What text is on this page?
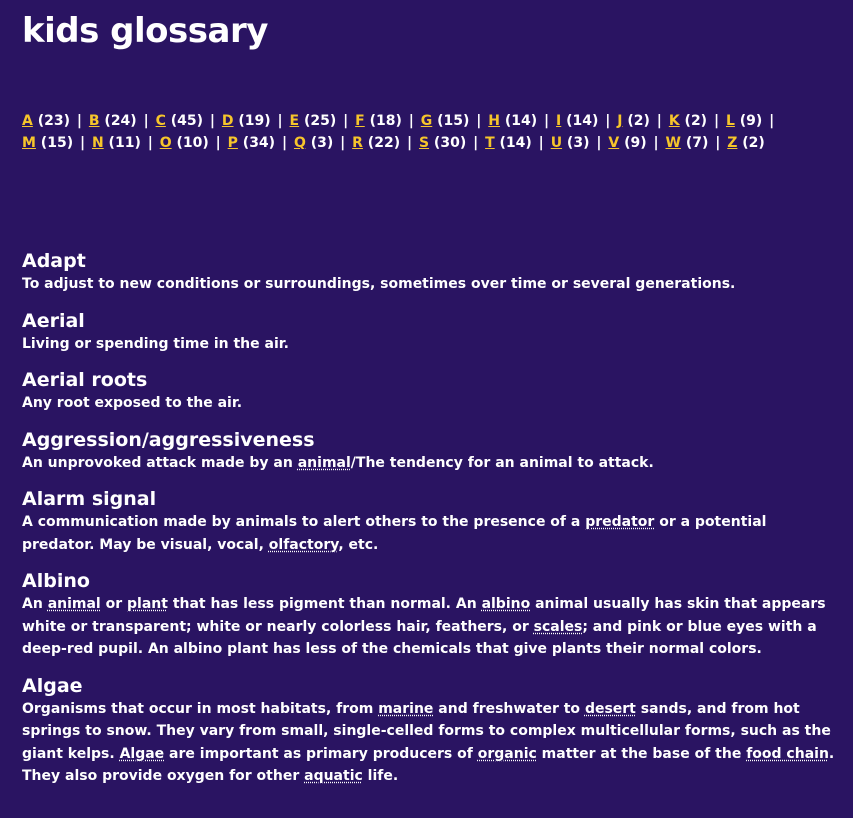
kids glossary
A (23) | B (24) | C (45) | D (19) | E (25) | F (18) | G (15) | H (14) | I (14) | J (2) | K (2) | L (9) | M (15) | N (11) | O (10) | P (34) | Q (3) | R (22) | S (30) | T (14) | U (3) | V (9) | W (7) | Z (2)
Adapt

To adjust to new conditions or surroundings, sometimes over time or several generations.

Aerial

Living or spending time in the air.

Aerial roots

Any root exposed to the air.

Aggression/aggressiveness

An unprovoked attack made by an animal/The tendency for an animal to attack.

Alarm signal

A communication made by animals to alert others to the presence of a predator or a potential predator. May be visual, vocal, olfactory, etc.

Albino

An animal or plant that has less pigment than normal. An albino animal usually has skin that appears white or transparent; white or nearly colorless hair, feathers, or scales; and pink or blue eyes with a deep-red pupil. An albino plant has less of the chemicals that give plants their normal colors.

Algae

Organisms that occur in most habitats, from marine and freshwater to desert sands, and from hot springs to snow. They vary from small, single-celled forms to complex multicellular forms, such as the giant kelps. Algae are important as primary producers of organic matter at the base of the food chain. They also provide oxygen for other aquatic life.
